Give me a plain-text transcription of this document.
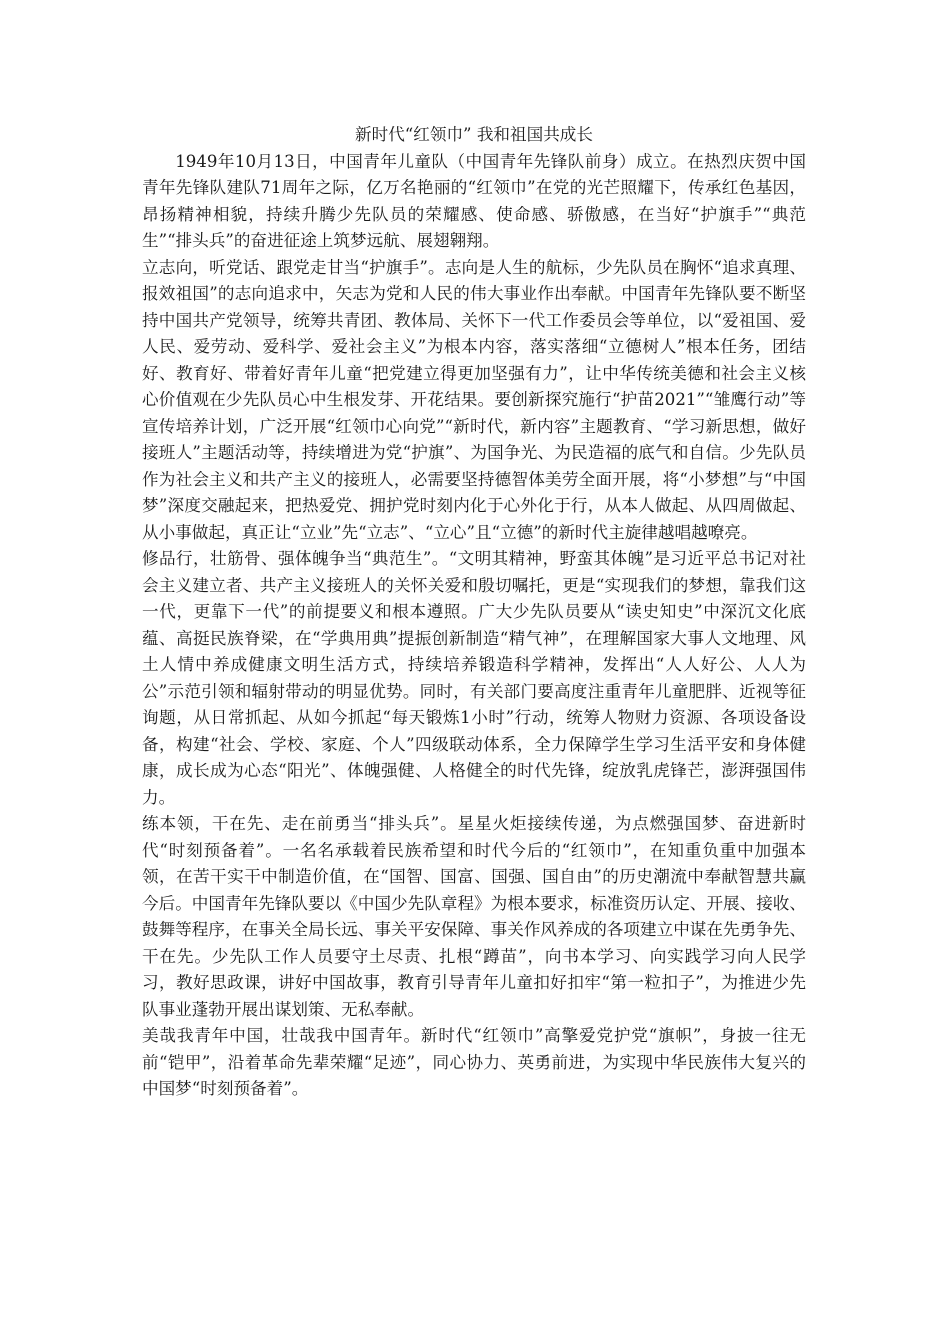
新时代“红领巾” 我和祖国共成长

1949年10月13日，中国青年儿童队（中国青年先锋队前身）成立。在热烈庆贺中国青年先锋队建队71周年之际，亿万名艳丽的“红领巾”在党的光芒照耀下，传承红色基因，昂扬精神相貌，持续升腾少先队员的荣耀感、使命感、骄傲感，在当好“护旗手”“典范生”“排头兵”的奋进征途上筑梦远航、展翅翱翔。

立志向，听党话、跟党走甘当“护旗手”。志向是人生的航标，少先队员在胸怀“追求真理、报效祖国”的志向追求中，矢志为党和人民的伟大事业作出奉献。中国青年先锋队要不断坚持中国共产党领导，统筹共青团、教体局、关怀下一代工作委员会等单位，以“爱祖国、爱人民、爱劳动、爱科学、爱社会主义”为根本内容，落实落细“立德树人”根本任务，团结好、教育好、带着好青年儿童“把党建立得更加坚强有力”，让中华传统美德和社会主义核心价值观在少先队员心中生根发芽、开花结果。要创新探究施行“护苗2021”“雏鹰行动”等宣传培养计划，广泛开展“红领巾心向党”“新时代，新内容”主题教育、“学习新思想，做好接班人”主题活动等，持续增进为党“护旗”、为国争光、为民造福的底气和自信。少先队员作为社会主义和共产主义的接班人，必需要坚持德智体美劳全面开展，将“小梦想”与“中国梦”深度交融起来，把热爱党、拥护党时刻内化于心外化于行，从本人做起、从四周做起、从小事做起，真正让“立业”先“立志”、“立心”且“立德”的新时代主旋律越唱越嘹亮。

修品行，壮筋骨、强体魄争当“典范生”。“文明其精神，野蛮其体魄”是习近平总书记对社会主义建立者、共产主义接班人的关怀关爱和殷切嘱托，更是“实现我们的梦想，靠我们这一代，更靠下一代”的前提要义和根本遵照。广大少先队员要从“读史知史”中深沉文化底蕴、高挺民族脊梁，在“学典用典”提振创新制造“精气神”，在理解国家大事人文地理、风土人情中养成健康文明生活方式，持续培养锻造科学精神，发挥出“人人好公、人人为公”示范引领和辐射带动的明显优势。同时，有关部门要高度注重青年儿童肥胖、近视等征询题，从日常抓起、从如今抓起“每天锻炼1小时”行动，统筹人物财力资源、各项设备设备，构建“社会、学校、家庭、个人”四级联动体系，全力保障学生学习生活平安和身体健康，成长成为心态“阳光”、体魄强健、人格健全的时代先锋，绽放乳虎锋芒，澎湃强国伟力。

练本领，干在先、走在前勇当“排头兵”。星星火炬接续传递，为点燃强国梦、奋进新时代“时刻预备着”。一名名承载着民族希望和时代今后的“红领巾”，在知重负重中加强本领，在苦干实干中制造价值，在“国智、国富、国强、国自由”的历史潮流中奉献智慧共赢今后。中国青年先锋队要以《中国少先队章程》为根本要求，标准资历认定、开展、接收、鼓舞等程序，在事关全局长远、事关平安保障、事关作风养成的各项建立中谋在先勇争先、干在先。少先队工作人员要守土尽责、扎根“蹲苗”，向书本学习、向实践学习向人民学习，教好思政课，讲好中国故事，教育引导青年儿童扣好扣牢“第一粒扣子”，为推进少先队事业蓬勃开展出谋划策、无私奉献。

美哉我青年中国，壮哉我中国青年。新时代“红领巾”高擎爱党护党“旗帜”，身披一往无前“铠甲”，沿着革命先辈荣耀“足迹”，同心协力、英勇前进，为实现中华民族伟大复兴的中国梦“时刻预备着”。
